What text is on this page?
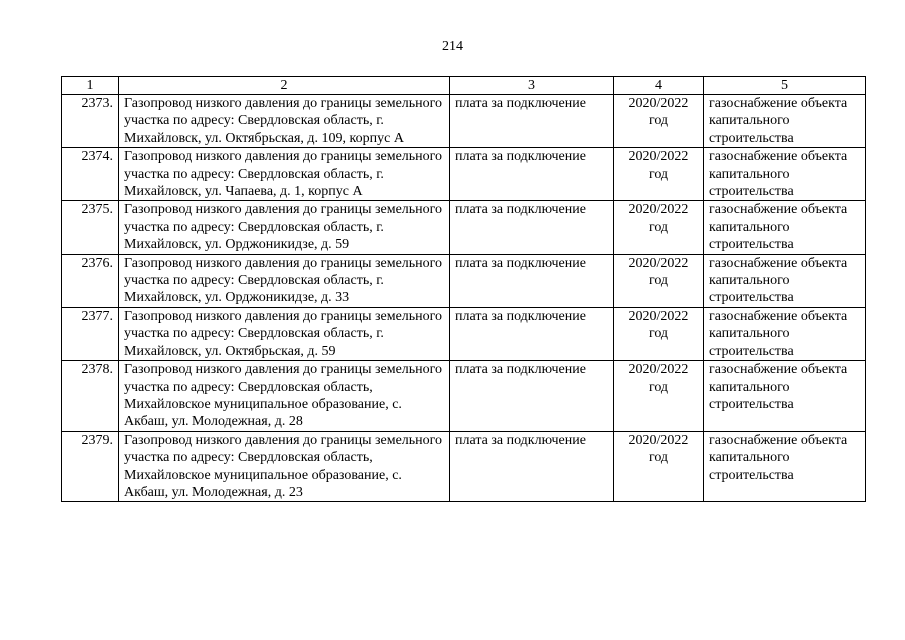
214
1	2	3	4	5
2373.	Газопровод низкого давления до границы земельного участка по адресу: Свердловская область, г. Михайловск, ул. Октябрьская, д. 109, корпус А	плата за подключение	2020/2022 год	газоснабжение объекта капитального строительства
2374.	Газопровод низкого давления до границы земельного участка по адресу: Свердловская область, г. Михайловск, ул. Чапаева, д. 1, корпус А	плата за подключение	2020/2022 год	газоснабжение объекта капитального строительства
2375.	Газопровод низкого давления до границы земельного участка по адресу: Свердловская область, г. Михайловск, ул. Орджоникидзе, д. 59	плата за подключение	2020/2022 год	газоснабжение объекта капитального строительства
2376.	Газопровод низкого давления до границы земельного участка по адресу: Свердловская область, г. Михайловск, ул. Орджоникидзе, д. 33	плата за подключение	2020/2022 год	газоснабжение объекта капитального строительства
2377.	Газопровод низкого давления до границы земельного участка по адресу: Свердловская область, г. Михайловск, ул. Октябрьская, д. 59	плата за подключение	2020/2022 год	газоснабжение объекта капитального строительства
2378.	Газопровод низкого давления до границы земельного участка по адресу: Свердловская область, Михайловское муниципальное образование, с. Акбаш, ул. Молодежная, д. 28	плата за подключение	2020/2022 год	газоснабжение объекта капитального строительства
2379.	Газопровод низкого давления до границы земельного участка по адресу: Свердловская область, Михайловское муниципальное образование, с. Акбаш, ул. Молодежная, д. 23	плата за подключение	2020/2022 год	газоснабжение объекта капитального строительства
